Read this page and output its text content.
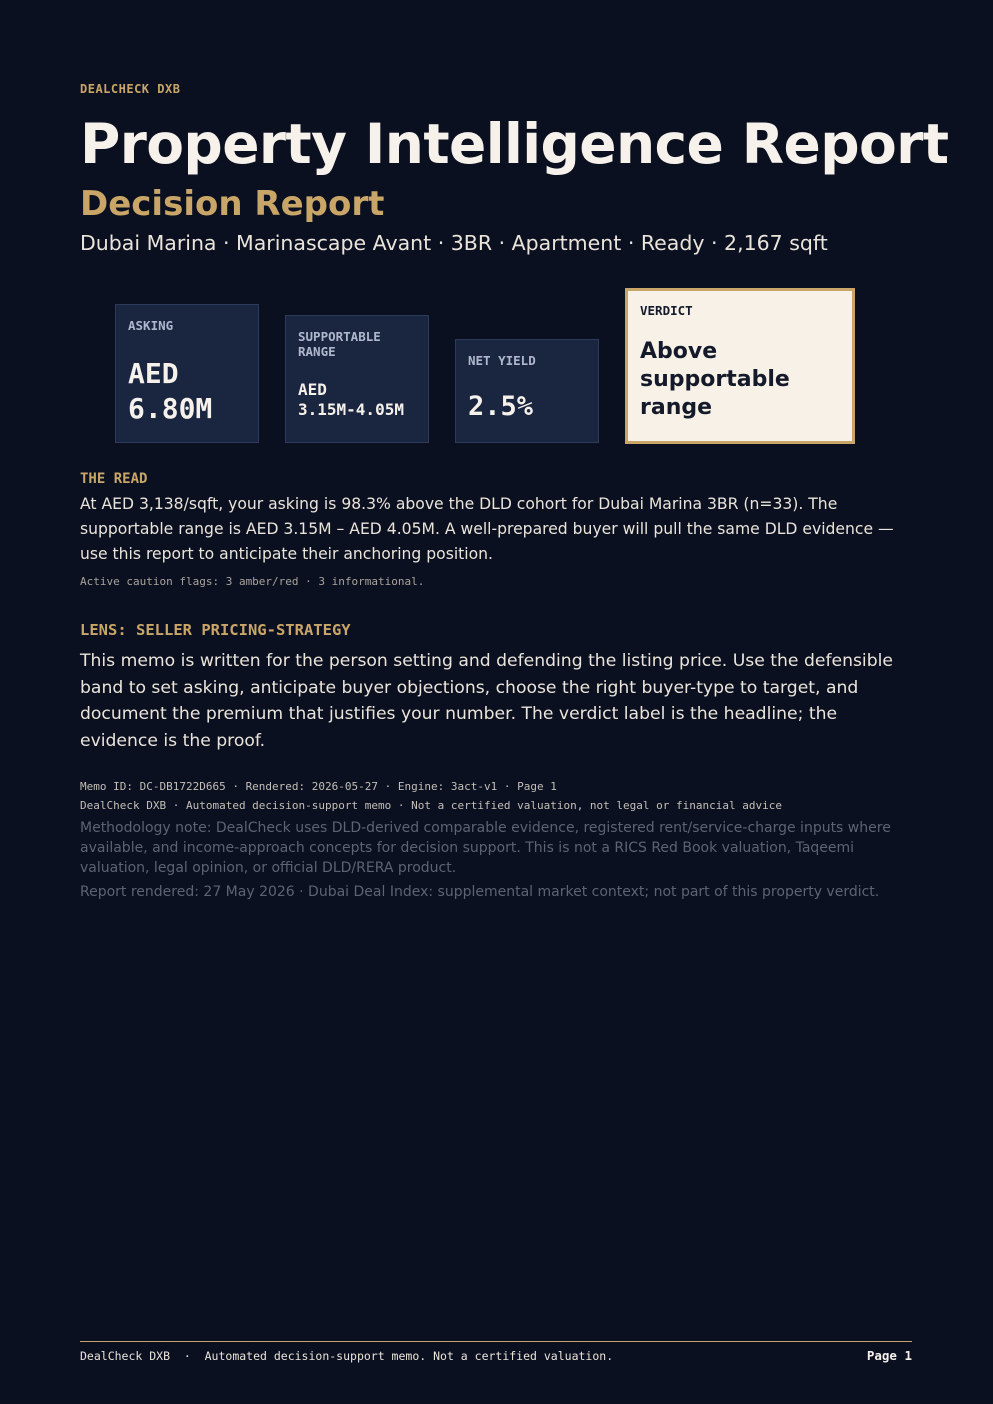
DEALCHECK DXB
Property Intelligence Report
Decision Report
Dubai Marina · Marinascape Avant · 3BR · Apartment · Ready · 2,167 sqft
ASKING
AED
6.80M
SUPPORTABLE
RANGE
AED
3.15M-4.05M
NET YIELD
2.5%
VERDICT
Above
supportable
range
THE READ
At AED 3,138/sqft, your asking is 98.3% above the DLD cohort for Dubai Marina 3BR (n=33). The supportable range is AED 3.15M – AED 4.05M. A well-prepared buyer will pull the same DLD evidence — use this report to anticipate their anchoring position.
Active caution flags: 3 amber/red · 3 informational.
LENS: SELLER PRICING-STRATEGY
This memo is written for the person setting and defending the listing price. Use the defensible band to set asking, anticipate buyer objections, choose the right buyer-type to target, and document the premium that justifies your number. The verdict label is the headline; the evidence is the proof.
Memo ID: DC-DB1722D665 · Rendered: 2026-05-27 · Engine: 3act-v1 · Page 1
DealCheck DXB · Automated decision-support memo · Not a certified valuation, not legal or financial advice
Methodology note: DealCheck uses DLD-derived comparable evidence, registered rent/service-charge inputs where available, and income-approach concepts for decision support. This is not a RICS Red Book valuation, Taqeemi valuation, legal opinion, or official DLD/RERA product.
Report rendered: 27 May 2026 · Dubai Deal Index: supplemental market context; not part of this property verdict.
DealCheck DXB  ·  Automated decision-support memo. Not a certified valuation.	Page 1
